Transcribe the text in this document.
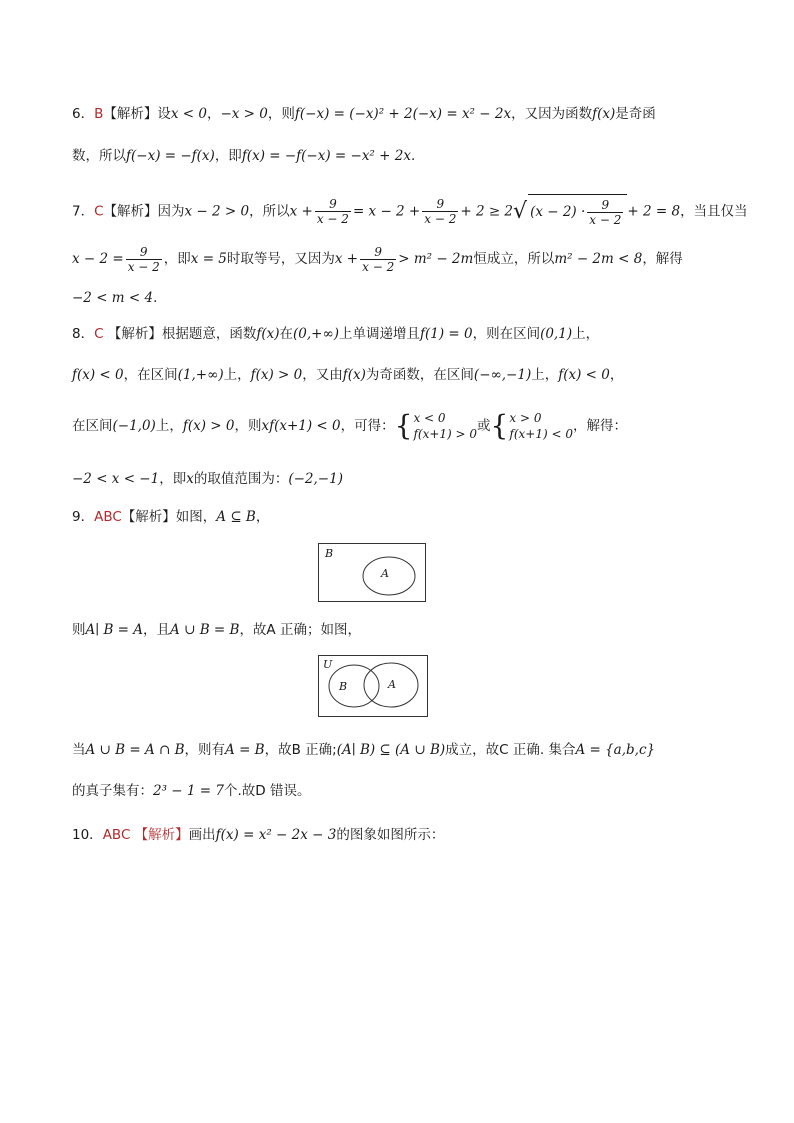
6．B【解析】设x < 0，−x > 0，则f(−x) = (−x)² + 2(−x) = x² − 2x，又因为函数f(x)是奇函
数，所以f(−x) = −f(x)，即f(x) = −f(−x) = −x² + 2x.
7．C【解析】因为x − 2 > 0，所以$x + \frac{9}{x - 2} = x - 2 + \frac{9}{x - 2} + 2 \ge 2√$ $(x - 2) \cdot \frac{9}{x - 2} + 2 = 8$，当且仅当
$x - 2 = \frac{9}{x - 2}$ ，即x = 5时取等号，又因为$x + \frac{9}{x - 2} > m^2 - 2m$恒成立，所以m² − 2m < 8，解得
−2 < m < 4.
8．C 【解析】根据题意，函数f(x)在(0,+∞)上单调递增且f(1) = 0，则在区间(0,1)上，
f(x) < 0，在区间(1,+∞)上，f(x) > 0，又由f(x)为奇函数，在区间(−∞,−1)上，f(x) < 0，
在区间(−1,0)上，f(x) > 0，则xf(x+1) < 0，可得：{ x < 0
f(x+1) > 0 或{ x > 0
f(x+1) < 0 ，解得：
−2 < x < −1，即x的取值范围为：(−2,−1)
9．ABC【解析】如图，A ⊆ B，
B
A
则A∣ B = A，且A ∪ B = B，故A 正确；如图，
U
B	A
当A ∪ B = A ∩ B，则有A = B，故B 正确;(A∣ B) ⊆ (A ∪ B)成立，故C 正确. 集合A = {a,b,c}
的真子集有：2³ − 1 = 7个.故D 错误。
10．ABC 【解析】画出f(x) = x² − 2x − 3的图象如图所示：
